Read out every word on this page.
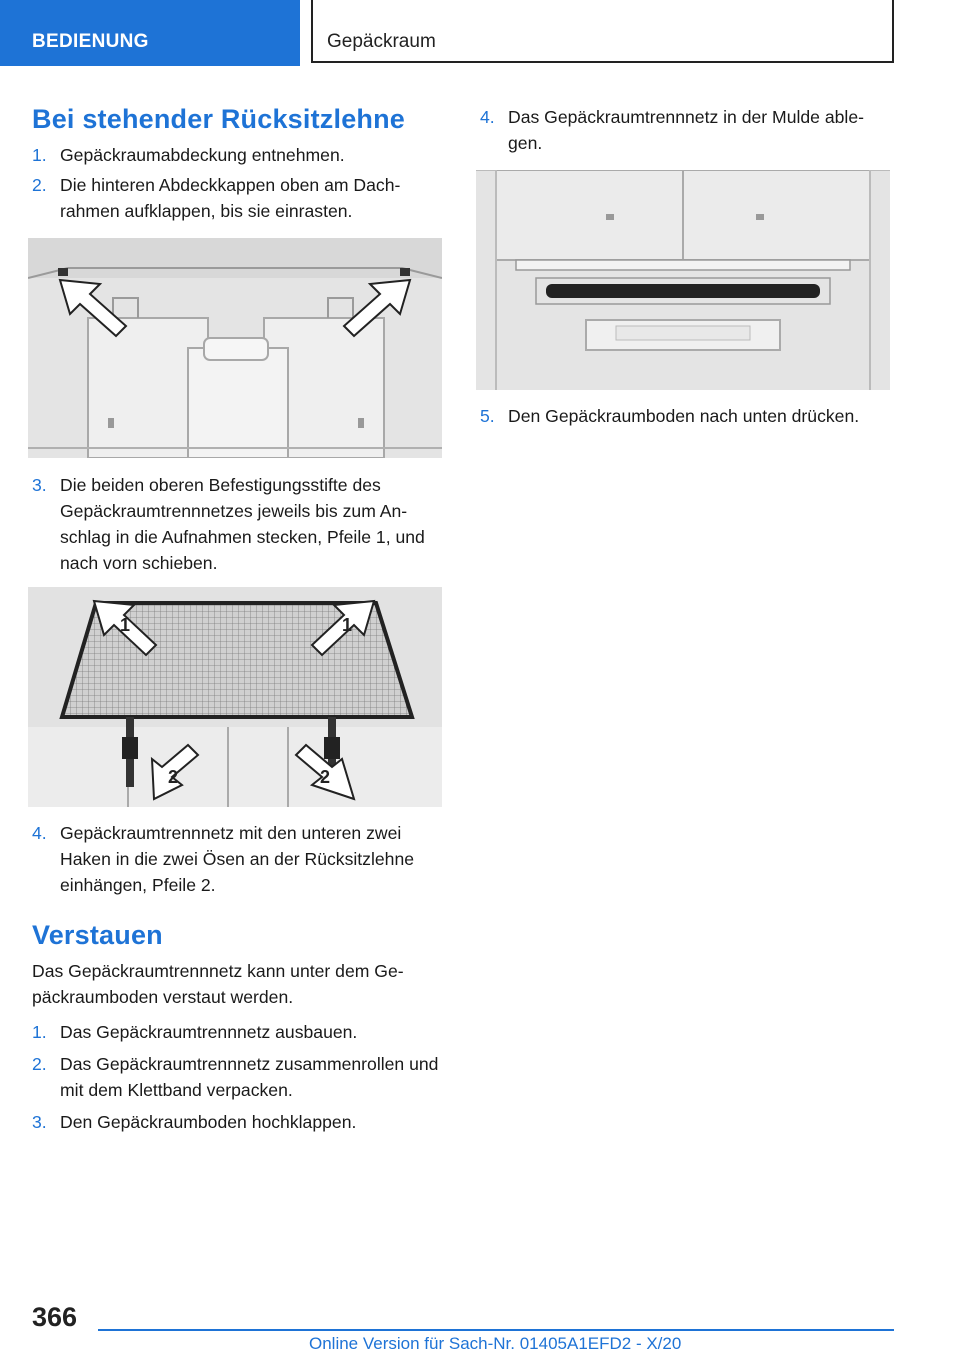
BEDIENUNG	Gepäckraum
Bei stehender Rücksitzlehne
1. Gepäckraumabdeckung entnehmen.
2. Die hinteren Abdeckkappen oben am Dach‐rahmen aufklappen, bis sie einrasten.
3. Die beiden oberen Befestigungsstifte des Gepäckraumtrennnetzes jeweils bis zum An‐schlag in die Aufnahmen stecken, Pfeile 1, und nach vorn schieben.
1	1
2	2
4. Gepäckraumtrennnetz mit den unteren zwei Haken in die zwei Ösen an der Rücksitzlehne einhängen, Pfeile 2.
Verstauen
Das Gepäckraumtrennnetz kann unter dem Ge‐päckraumboden verstaut werden.
1. Das Gepäckraumtrennnetz ausbauen.
2. Das Gepäckraumtrennnetz zusammenrollen und mit dem Klettband verpacken.
3. Den Gepäckraumboden hochklappen.
4. Das Gepäckraumtrennnetz in der Mulde able‐gen.
5. Den Gepäckraumboden nach unten drücken.
366
Online Version für Sach-Nr. 01405A1EFD2 - X/20
